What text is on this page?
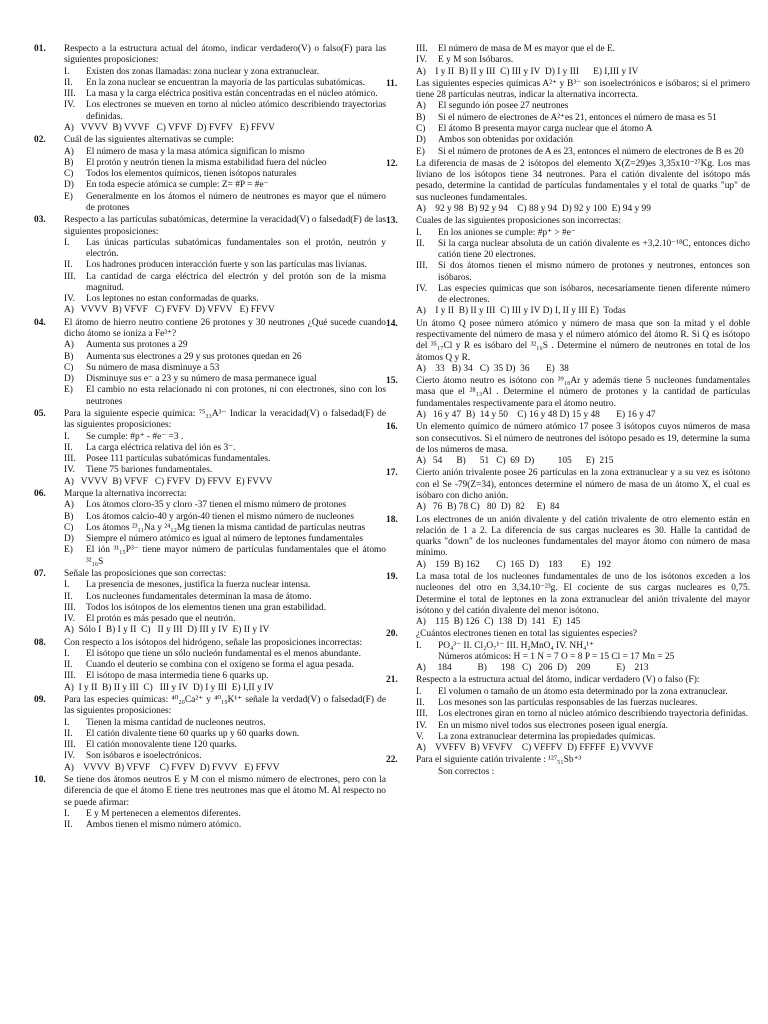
01.	Respecto a la estructura actual del átomo, indicar verdadero(V) o falso(F) para las siguientes proposiciones:
I.	Existen dos zonas llamadas: zona nuclear y zona extranuclear.
II.	En la zona nuclear se encuentran la mayoría de las partículas subatómicas.
III.	La masa y la carga eléctrica positiva están concentradas en el núcleo atómico.
IV.	Los electrones se mueven en torno al núcleo atómico describiendo trayectorias definidas.
A)   VVVV  B) VVVF   C) VFVF  D) FVFV   E) FFVV
02.	Cuál de las siguientes alternativas se cumple:
A)	El número de masa y la masa atómica significan lo mismo
B)	El protón y neutrón tienen la misma estabilidad fuera del núcleo
C)	Todos los elementos químicos, tienen isótopos naturales
D)	En toda especie atómica se cumple: Z= #P = #e⁻
E)	Generalmente en los átomos el número de neutrones es mayor que el número de protones
03.	Respecto a las partículas subatómicas, determine la veracidad(V) o falsedad(F) de las siguientes proposiciones:
I.	Las únicas partículas subatómicas fundamentales son el protón, neutrón y electrón.
II.	Los hadrones producen interacción fuerte y son las partículas mas livianas.
III.	La cantidad de carga eléctrica del electrón y del protón son de la misma magnitud.
IV.	Los leptones no estan conformadas de quarks.
A)   VVVV  B) VFVF   C) FVFV  D) VFVV   E) FFVV
04.	El átomo de hierro neutro contiene 26 protones y 30 neutrones ¿Qué sucede cuando dicho átomo se ioniza a Fe³⁺?
A)	Aumenta sus protones a 29
B)	Aumenta sus electrones a 29 y sus protones quedan en 26
C)	Su número de masa disminuye a 53
D)	Disminuye sus e⁻ a 23 y su número de masa permanece igual
E)	El cambio no esta relacionado ni con protones, ni con electrones, sino con los neutrones
05.	Para la siguiente especie química: ⁷⁵₃₃A³⁻ Indicar la veracidad(V) o falsedad(F) de las siguientes proposiciones:
I.	Se cumple: #p⁺ - #e⁻ =3 .
II.	La carga eléctrica relativa del ión es 3⁻.
III.	Posee 111 partículas subatómicas fundamentales.
IV.	Tiene 75 bariones fundamentales.
A)   VVVV  B) VFVF   C) FVFV  D) FFVV  E) FVVV
06.	Marque la alternativa incorrecta:
A)	Los átomos cloro-35 y cloro -37 tienen el mismo número de protones
B)	Los átomos calcio-40 y argón-40 tienen el mismo número de nucleones
C)	Los átomos ²³₁₁Na y ²⁴₁₂Mg tienen la misma cantidad de partículas neutras
D)	Siempre el número atómico es igual al número de leptones fundamentales
E)	El ión ³¹₁₅P³⁻ tiene mayor número de partículas fundamentales que el átomo ³²₁₆S
07.	Señale las proposiciones que son correctas:
I.	La presencia de mesones, justifica la fuerza nuclear intensa.
II.	Los nucleones fundamentales determinan la masa de átomo.
III.	Todos los isótopos de los elementos tienen una gran estabilidad.
IV.	El protón es más pesado que el neutrón.
A)  Sólo I  B) I y II  C)   II y III  D) III y IV  E) II y IV
08.	Con respecto a los isótopos del hidrógeno, señale las proposiciones incorrectas:
I.	El isótopo que tiene un sólo nucleón fundamental es el menos abundante.
II.	Cuando el deuterio se combina con el oxígeno se forma el agua pesada.
III.	El isótopo de masa intermedia tiene 6 quarks up.
A)  I y II  B) II y III  C)   III y IV  D) I y III  E) I,II y IV
09.	Para las especies químicas: ⁴⁰₂₀Ca²⁺ y ⁴⁰₁₉K¹⁺ señale la verdad(V) o falsedad(F) de las siguientes proposiciones:
I.	Tienen la misma cantidad de nucleones neutros.
II.	El catión divalente tiene 60 quarks up y 60 quarks down.
III.	El catión monovalente tiene 120 quarks.
IV.	Son isóbaros e isoelectrónicos.
A)    VVVV  B) VFVF    C) FVFV  D) FVVV   E) FFVV
10.	Se tiene dos átomos neutros E y M con el mismo número de electrones, pero con la diferencia de que el átomo E tiene tres neutrones mas que el átomo M. Al respecto no se puede afirmar:
I.	E y M pertenecen a elementos diferentes.
II.	Ambos tienen el mismo número atómico.
III.	El número de masa de M es mayor que el de E.
IV.	E y M son Isóbaros.
A)    I y II  B) II y III  C) III y IV  D) I y III      E) I,III y IV
11.	Las siguientes especies químicas A²⁺ y B³⁻ son isoelectrónicos e isóbaros; si el primero tiene 28 partículas neutras, indicar la alternativa incorrecta.
A)	El segundo ión posee 27 neutrones
B)	Si el número de electrones de A²⁺es 21, entonces el número de masa es 51
C)	El átomo B presenta mayor carga nuclear que el átomo A
D)	Ambos son obtenidas por oxidación
E)	Si el número de protones de A es 23, entonces el número de electrones de B es 20
12.	La diferencia de masas de 2 isótopos del elemento X(Z=29)es 3,35x10⁻²⁷Kg. Los mas liviano de los isótopos tiene 34 neutrones. Para el catión divalente del isótopo más pesado, determine la cantidad de partículas fundamentales y el total de quarks "up" de sus nucleones fundamentales.
A)    92 y 98  B) 92 y 94    C) 88 y 94  D) 92 y 100  E) 94 y 99
13.	Cuales de las siguientes proposiciones son incorrectas:
I.	En los aniones se cumple: #p⁺ > #e⁻
II.	Si la carga nuclear absoluta de un catión divalente es +3,2.10⁻¹⁸C, entonces dicho catión tiene 20 electrones.
III.	Si dos átomos tienen el mismo número de protones y neutrones, entonces son isóbaros.
IV.	Las especies químicas que son isóbaros, necesariamente tienen diferente número de electrones.
A)    I y II  B) II y III  C) III y IV D) I, II y III E)  Todas
14.	Un átomo Q posee número atómico y número de masa que son la mitad y el doble respectivamente del número de masa y el número atómico del átomo R. Si Q es isótopo del ³⁵₁₇Cl y R es isóbaro del ³²₁₆S . Determine el número de neutrones en total de los átomos Q y R.
A)    33   B) 34   C)  35 D)  36       E)  38
15.	Cierto átomo neutro es isótono con ³⁹₁₈Ar y además tiene 5 nucleones fundamentales masa que el ²⁸₁₃Al . Determine el número de protones y la cantidad de partículas fundamentales respectivamente para el átomo neutro.
A)   16 y 47  B)  14 y 50    C) 16 y 48 D) 15 y 48       E) 16 y 47
16.	Un elemento químico de número atómico 17 posee 3 isótopos cuyos números de masa son consecutivos. Si el número de neutrones del isótopo pesado es 19, determine la suma de los números de masa.
A)   54      B)      51   C)  69  D)          105      E)  215
17.	Cierto anión trivalente posee 26 partículas en la zona extranuclear y a su vez es isótono con el Se -79(Z=34), entonces determine el número de masa de un átomo X, el cual es isóbaro con dicho anión.
A)   76  B) 78 C)   80  D)  82     E)  84
18.	Los electrones de un anión divalente y del catión trivalente de otro elemento están en relación de 1 a 2. La diferencia de sus cargas nucleares es 30. Halle la cantidad de quarks "down" de los nucleones fundamentales del mayor átomo con número de masa mínimo.
A)    159  B) 162       C)  165  D)    183        E)   192
19.	La masa total de los nucleones fundamentales de uno de los isótonos exceden a los nucleones del otro en 3,34.10⁻²³g. El cociente de sus cargas nucleares es 0,75. Determine el total de leptones en la zona extranuclear del anión trivalente del mayor isótono y del catión divalente del menor isótono.
A)    115  B) 126  C)  138  D)  141   E)  145
20.	¿Cuántos electrones tienen en total las siguientes especies?
I.	PO₄³⁻ II. Cl₂O₇¹⁻ III. H₂MnO₄ IV. NH₄¹⁺
Números atómicos: H = 1 N = 7 O = 8 P = 15 Cl = 17 Mn = 25
A)     184           B)      198   C)   206  D)    209           E)    213
21.	Respecto a la estructura actual del átomo, indicar verdadero (V) o falso (F):
I.	El volumen o tamaño de un átomo esta determinado por la zona extranuclear.
II.	Los mesones son las partículas responsables de las fuerzas nucleares.
III.	Los electrones giran en torno al núcleo atómico describiendo trayectoria definidas.
IV.	En un mismo nivel todos sus electrones poseen igual energía.
V.	La zona extranuclear determina las propiedades químicas.
A)    VVFFV  B) VFVFV    C) VFFFV  D) FFFFF  E) VVVVF
22.	Para el siguiente catión trivalente : ¹²⁷₅₁Sb⁺³
Son correctos :
